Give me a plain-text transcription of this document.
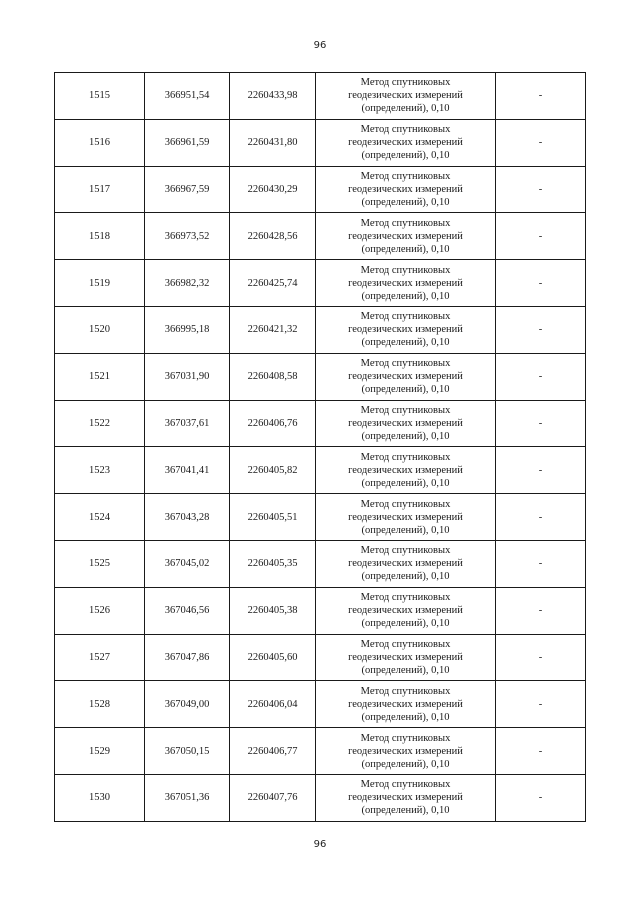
96
1515	366951,54	2260433,98	Метод спутниковых
геодезических измерений
(определений), 0,10	-
1516	366961,59	2260431,80	Метод спутниковых
геодезических измерений
(определений), 0,10	-
1517	366967,59	2260430,29	Метод спутниковых
геодезических измерений
(определений), 0,10	-
1518	366973,52	2260428,56	Метод спутниковых
геодезических измерений
(определений), 0,10	-
1519	366982,32	2260425,74	Метод спутниковых
геодезических измерений
(определений), 0,10	-
1520	366995,18	2260421,32	Метод спутниковых
геодезических измерений
(определений), 0,10	-
1521	367031,90	2260408,58	Метод спутниковых
геодезических измерений
(определений), 0,10	-
1522	367037,61	2260406,76	Метод спутниковых
геодезических измерений
(определений), 0,10	-
1523	367041,41	2260405,82	Метод спутниковых
геодезических измерений
(определений), 0,10	-
1524	367043,28	2260405,51	Метод спутниковых
геодезических измерений
(определений), 0,10	-
1525	367045,02	2260405,35	Метод спутниковых
геодезических измерений
(определений), 0,10	-
1526	367046,56	2260405,38	Метод спутниковых
геодезических измерений
(определений), 0,10	-
1527	367047,86	2260405,60	Метод спутниковых
геодезических измерений
(определений), 0,10	-
1528	367049,00	2260406,04	Метод спутниковых
геодезических измерений
(определений), 0,10	-
1529	367050,15	2260406,77	Метод спутниковых
геодезических измерений
(определений), 0,10	-
1530	367051,36	2260407,76	Метод спутниковых
геодезических измерений
(определений), 0,10	-
96
